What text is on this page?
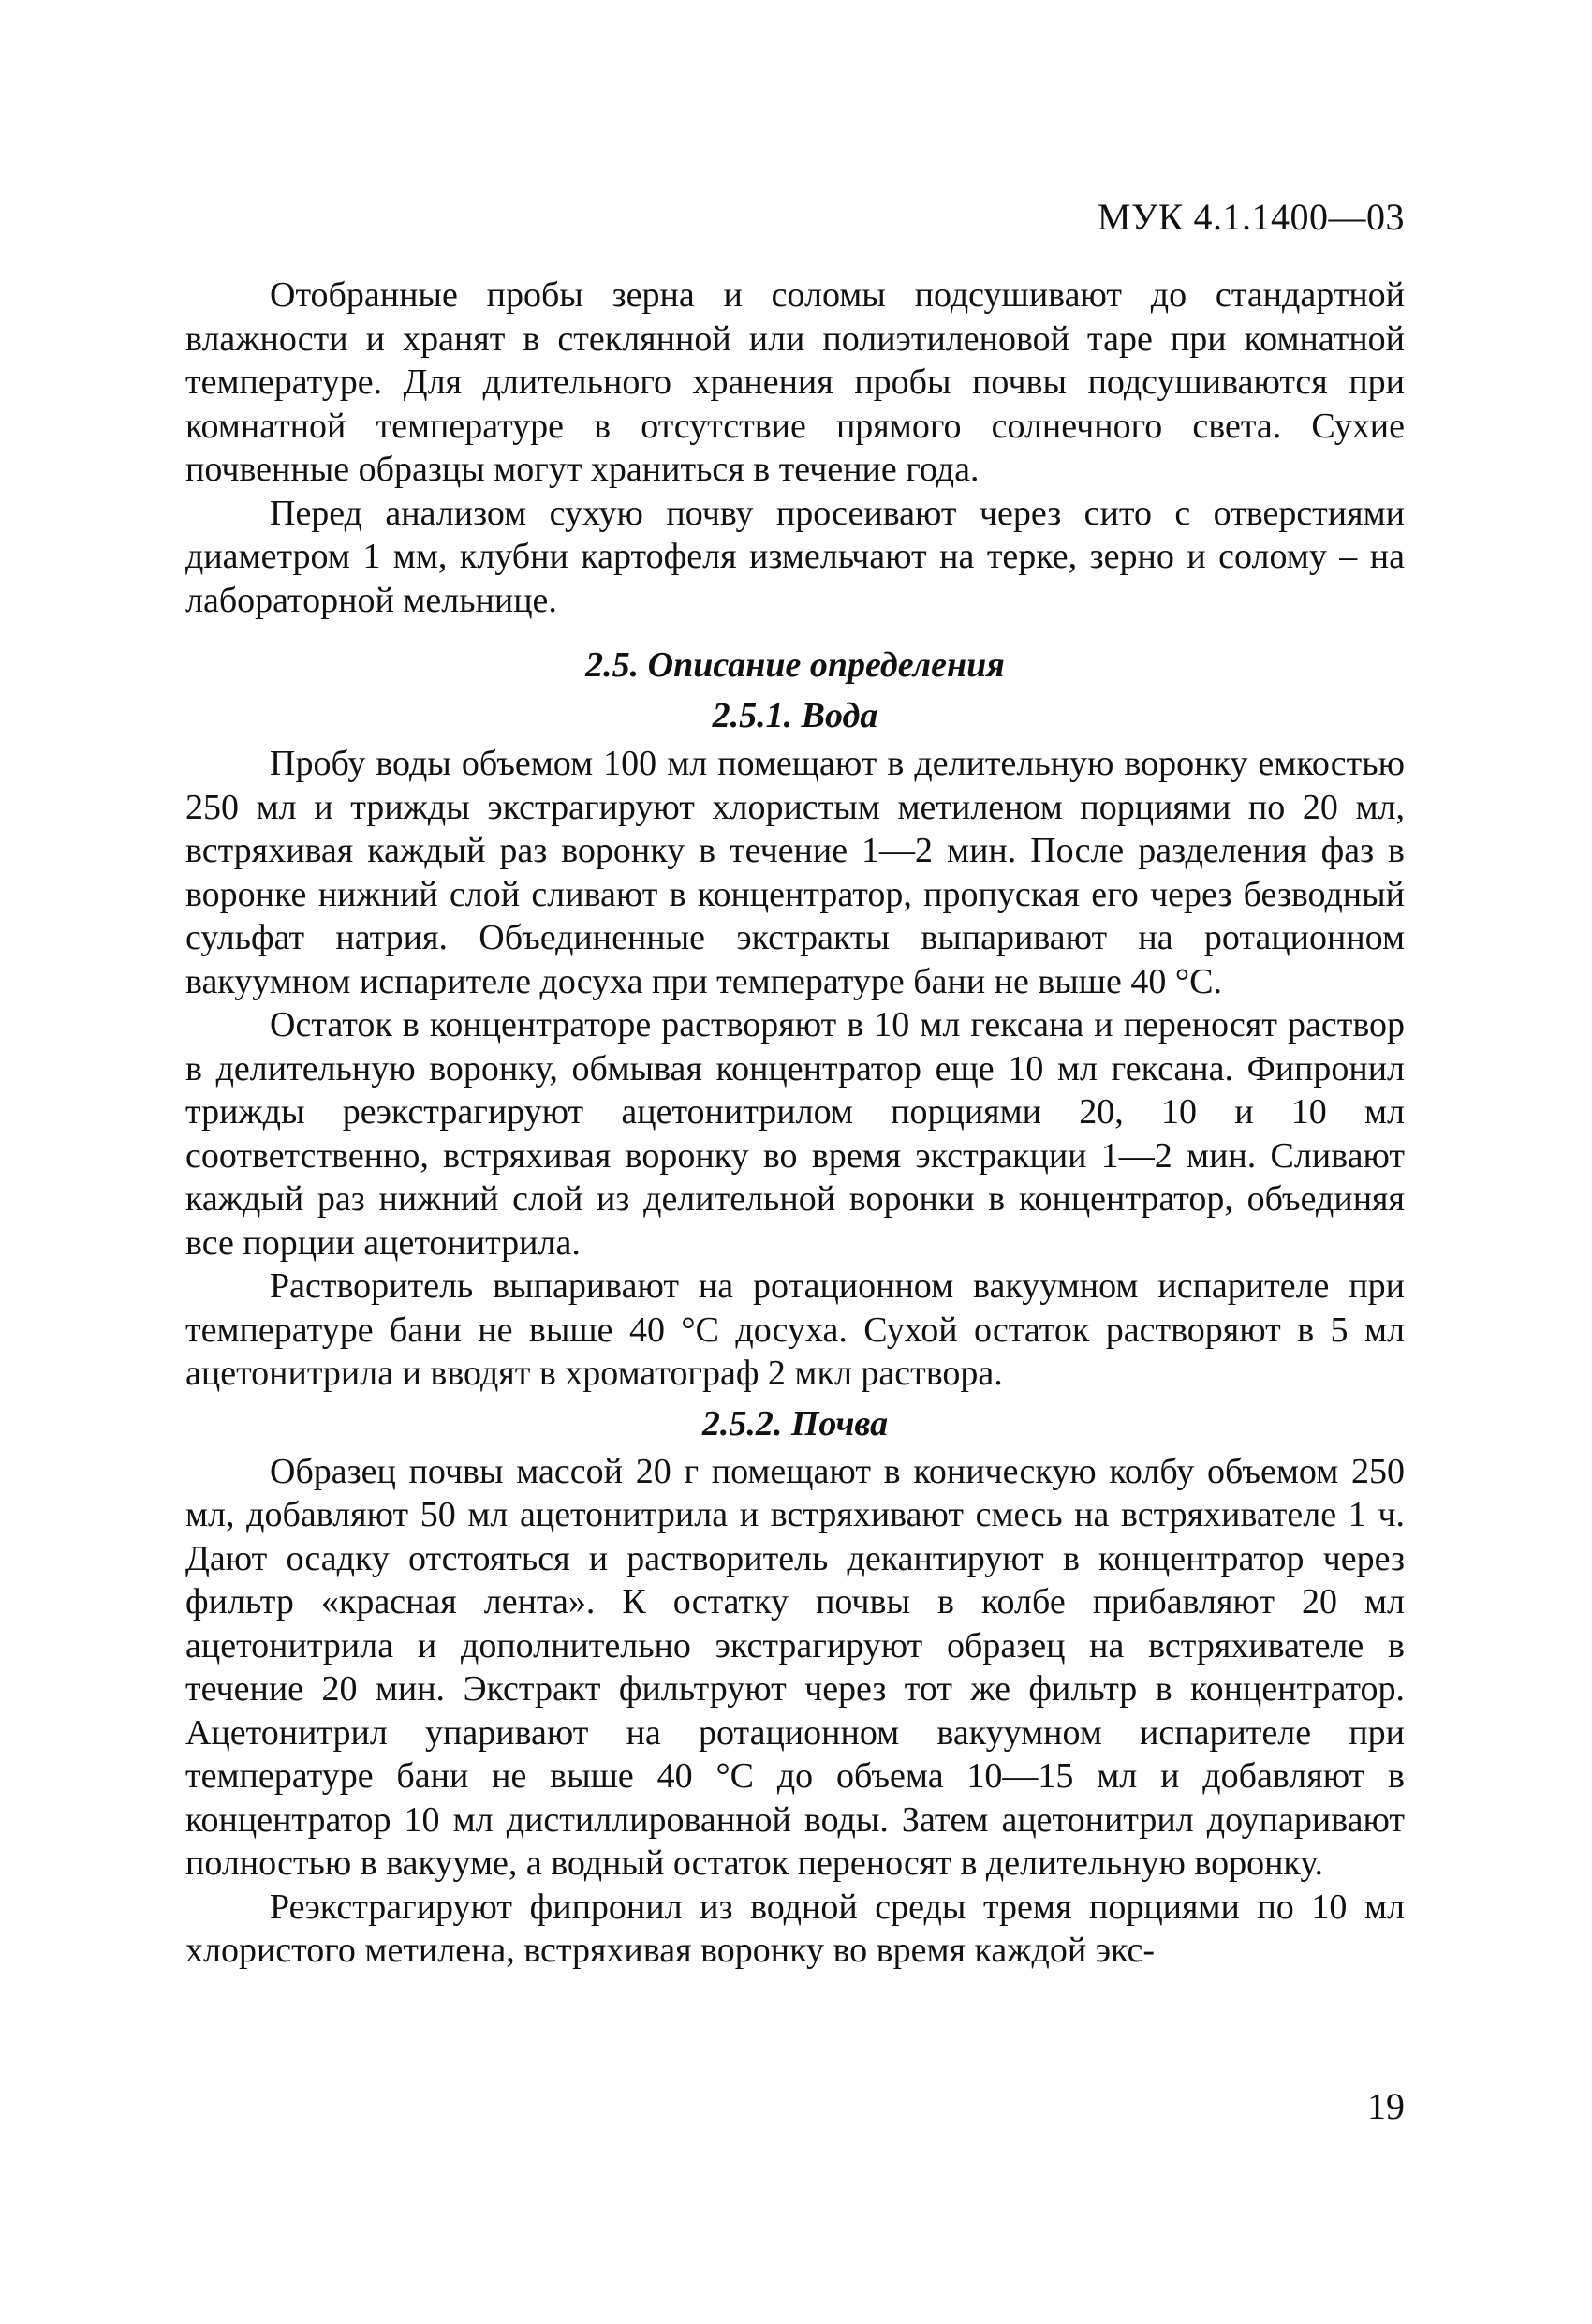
МУК 4.1.1400—03

Отобранные пробы зерна и соломы подсушивают до стандартной влажности и хранят в стеклянной или полиэтиленовой таре при комнатной температуре. Для длительного хранения пробы почвы подсушиваются при комнатной температуре в отсутствие прямого солнечного света. Сухие почвенные образцы могут храниться в течение года.

Перед анализом сухую почву просеивают через сито с отверстиями диаметром 1 мм, клубни картофеля измельчают на терке, зерно и солому – на лабораторной мельнице.

2.5. Описание определения
2.5.1. Вода

Пробу воды объемом 100 мл помещают в делительную воронку емкостью 250 мл и трижды экстрагируют хлористым метиленом порциями по 20 мл, встряхивая каждый раз воронку в течение 1—2 мин. После разделения фаз в воронке нижний слой сливают в концентратор, пропуская его через безводный сульфат натрия. Объединенные экстракты выпаривают на ротационном вакуумном испарителе досуха при температуре бани не выше 40 °С.

Остаток в концентраторе растворяют в 10 мл гексана и переносят раствор в делительную воронку, обмывая концентратор еще 10 мл гексана. Фипронил трижды реэкстрагируют ацетонитрилом порциями 20, 10 и 10 мл соответственно, встряхивая воронку во время экстракции 1—2 мин. Сливают каждый раз нижний слой из делительной воронки в концентратор, объединяя все порции ацетонитрила.

Растворитель выпаривают на ротационном вакуумном испарителе при температуре бани не выше 40 °С досуха. Сухой остаток растворяют в 5 мл ацетонитрила и вводят в хроматограф 2 мкл раствора.

2.5.2. Почва

Образец почвы массой 20 г помещают в коническую колбу объемом 250 мл, добавляют 50 мл ацетонитрила и встряхивают смесь на встряхивателе 1 ч. Дают осадку отстояться и растворитель декантируют в концентратор через фильтр «красная лента». К остатку почвы в колбе прибавляют 20 мл ацетонитрила и дополнительно экстрагируют образец на встряхивателе в течение 20 мин. Экстракт фильтруют через тот же фильтр в концентратор. Ацетонитрил упаривают на ротационном вакуумном испарителе при температуре бани не выше 40 °С до объема 10—15 мл и добавляют в концентратор 10 мл дистиллированной воды. Затем ацетонитрил доупаривают полностью в вакууме, а водный остаток переносят в делительную воронку.

Реэкстрагируют фипронил из водной среды тремя порциями по 10 мл хлористого метилена, встряхивая воронку во время каждой экс-

19
